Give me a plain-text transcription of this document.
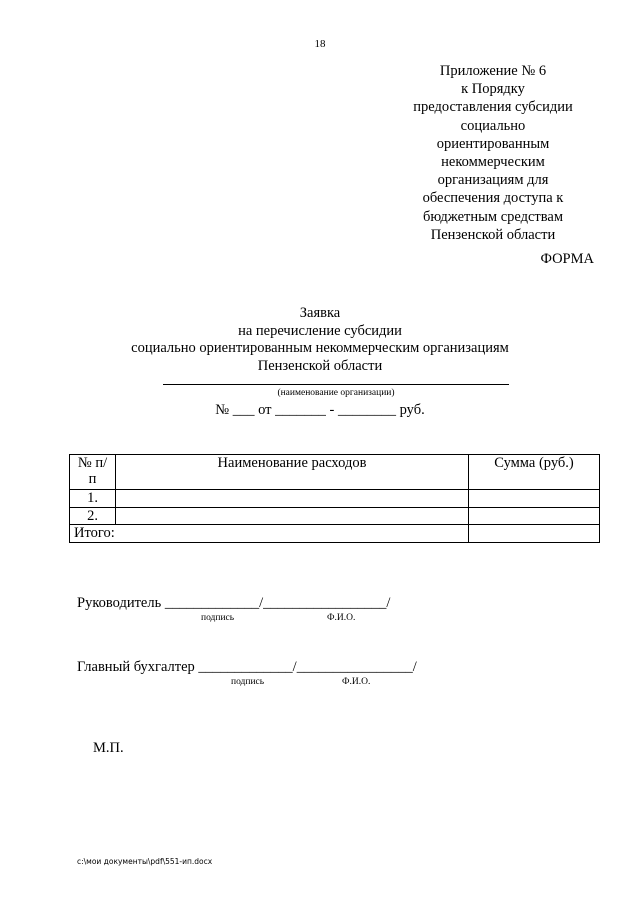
18
Приложение № 6
к Порядку
предоставления субсидии
социально
ориентированным
некоммерческим
организациям для
обеспечения доступа к
бюджетным средствам
Пензенской области
ФОРМА
Заявка
на перечисление субсидии
социально ориентированным некоммерческим организациям
Пензенской области
(наименование организации)
№ ___ от _______ - ________ руб.
№ п/п	Наименование расходов	Сумма (руб.)
1.		
2.		
Итого:		
Руководитель _____________/_________________/
подпись	Ф.И.О.
Главный бухгалтер _____________/________________/
подпись	Ф.И.О.
М.П.
c:\мои документы\pdf\551-ип.docx
